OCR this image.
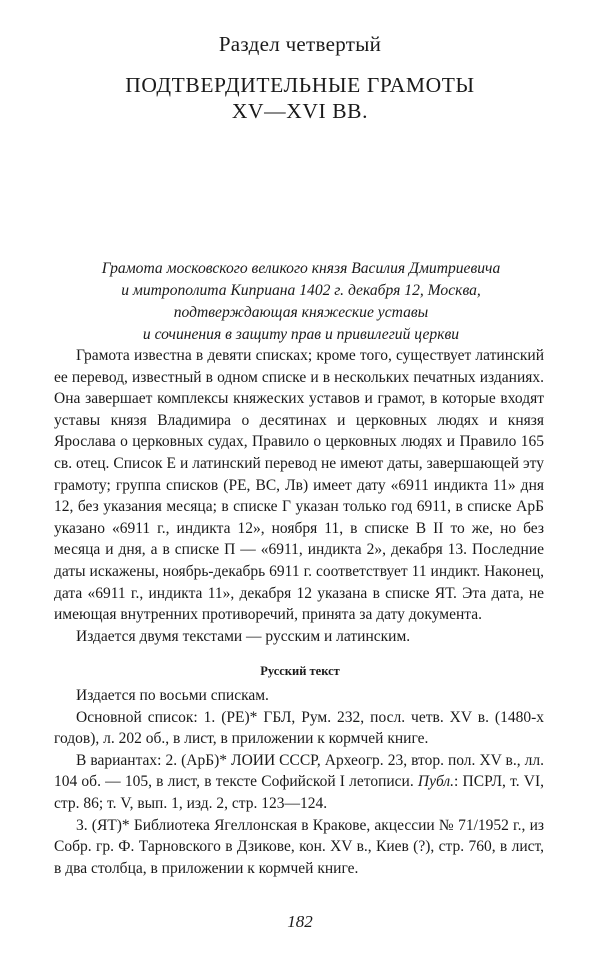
Раздел четвертый
ПОДТВЕРДИТЕЛЬНЫЕ ГРАМОТЫ
XV—XVI ВВ.
Грамота московского великого князя Василия Дмитриевича
и митрополита Киприана 1402 г. декабря 12, Москва,
подтверждающая княжеские уставы
и сочинения в защиту прав и привилегий церкви

Грамота известна в девяти списках; кроме того, существует латинский ее перевод, известный в одном списке и в нескольких печатных изданиях. Она завершает комплексы княжеских уставов и грамот, в которые входят уставы князя Владимира о десятинах и церковных людях и князя Ярослава о церковных судах, Правило о церковных людях и Правило 165 св. отец. Список Е и латинский перевод не имеют даты, завершающей эту грамоту; группа списков (РЕ, ВС, Лв) имеет дату «6911 индикта 11» дня 12, без указания месяца; в списке Г указан только год 6911, в списке АрБ указано «6911 г., индикта 12», ноября 11, в списке В II то же, но без месяца и дня, а в списке П — «6911, индикта 2», декабря 13. Последние даты искажены, ноябрь-декабрь 6911 г. соответствует 11 индикт. Наконец, дата «6911 г., индикта 11», декабря 12 указана в списке ЯТ. Эта дата, не имеющая внутренних противоречий, принята за дату документа.

Издается двумя текстами — русским и латинским.

Русский текст

Издается по восьми спискам.

Основной список: 1. (РЕ)* ГБЛ, Рум. 232, посл. четв. XV в. (1480-х годов), л. 202 об., в лист, в приложении к кормчей книге.

В вариантах: 2. (АрБ)* ЛОИИ СССР, Археогр. 23, втор. пол. XV в., лл. 104 об. — 105, в лист, в тексте Софийской I летописи. Публ.: ПСРЛ, т. VI, стр. 86; т. V, вып. 1, изд. 2, стр. 123—124.

3. (ЯТ)* Библиотека Ягеллонская в Кракове, акцессии № 71/1952 г., из Собр. гр. Ф. Тарновского в Дзикове, кон. XV в., Киев (?), стр. 760, в лист, в два столбца, в приложении к кормчей книге.

182
